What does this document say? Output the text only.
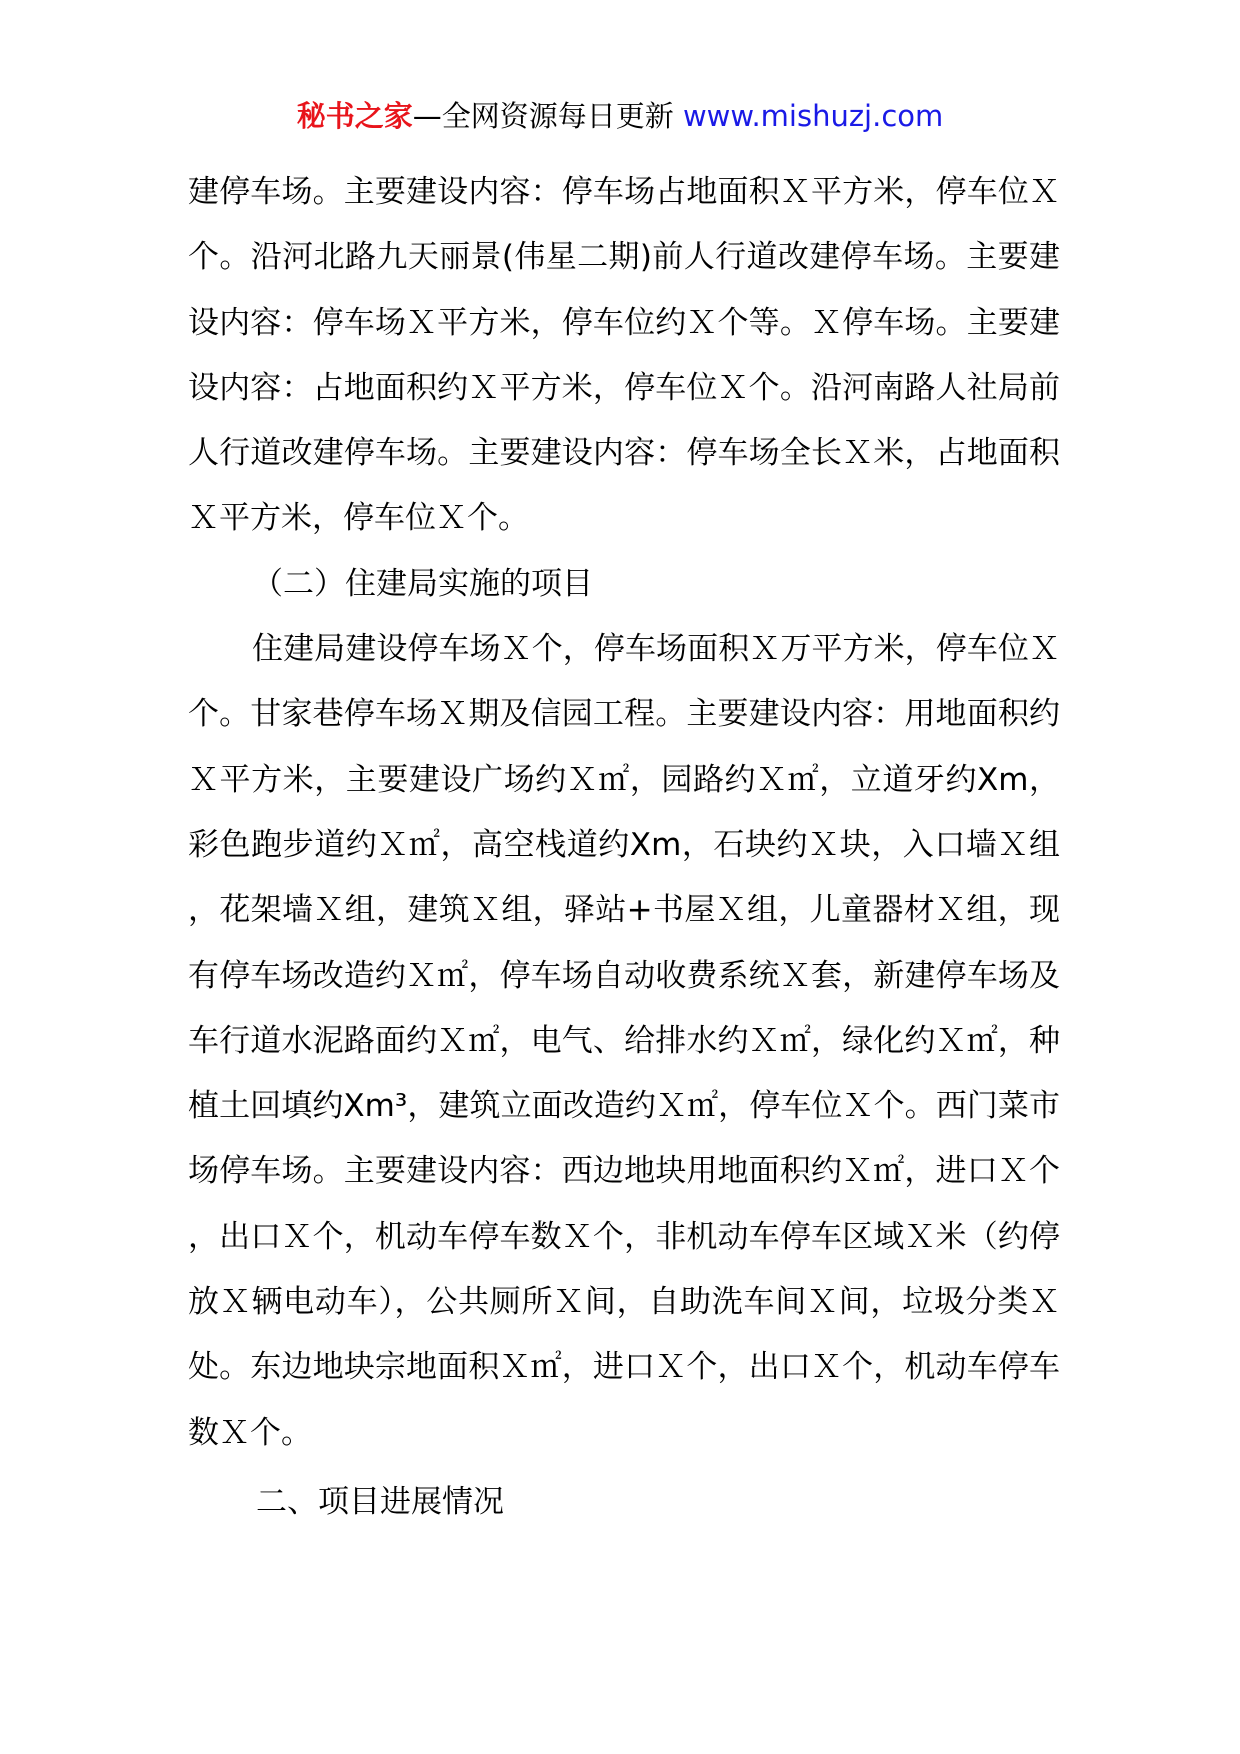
秘书之家—全网资源每日更新 www.mishuzj.com

建停车场。主要建设内容：停车场占地面积Ｘ平方米，停车位Ｘ个。沿河北路九天丽景(伟星二期)前人行道改建停车场。主要建设内容：停车场Ｘ平方米，停车位约Ｘ个等。Ｘ停车场。主要建设内容：占地面积约Ｘ平方米，停车位Ｘ个。沿河南路人社局前人行道改建停车场。主要建设内容：停车场全长Ｘ米，占地面积Ｘ平方米，停车位Ｘ个。

（二）住建局实施的项目

住建局建设停车场Ｘ个，停车场面积Ｘ万平方米，停车位Ｘ个。甘家巷停车场Ｘ期及信园工程。主要建设内容：用地面积约Ｘ平方米，主要建设广场约Ｘ㎡，园路约Ｘ㎡，立道牙约Xm，彩色跑步道约Ｘ㎡，高空栈道约Xm，石块约Ｘ块，入口墙Ｘ组，花架墙Ｘ组，建筑Ｘ组，驿站+书屋Ｘ组，儿童器材Ｘ组，现有停车场改造约Ｘ㎡，停车场自动收费系统Ｘ套，新建停车场及车行道水泥路面约Ｘ㎡，电气、给排水约Ｘ㎡，绿化约Ｘ㎡，种植土回填约Xm³，建筑立面改造约Ｘ㎡，停车位Ｘ个。西门菜市场停车场。主要建设内容：西边地块用地面积约Ｘ㎡，进口Ｘ个，出口Ｘ个，机动车停车数Ｘ个，非机动车停车区域Ｘ米（约停放Ｘ辆电动车），公共厕所Ｘ间，自助洗车间Ｘ间，垃圾分类Ｘ处。东边地块宗地面积Ｘ㎡，进口Ｘ个，出口Ｘ个，机动车停车数Ｘ个。

二、项目进展情况
